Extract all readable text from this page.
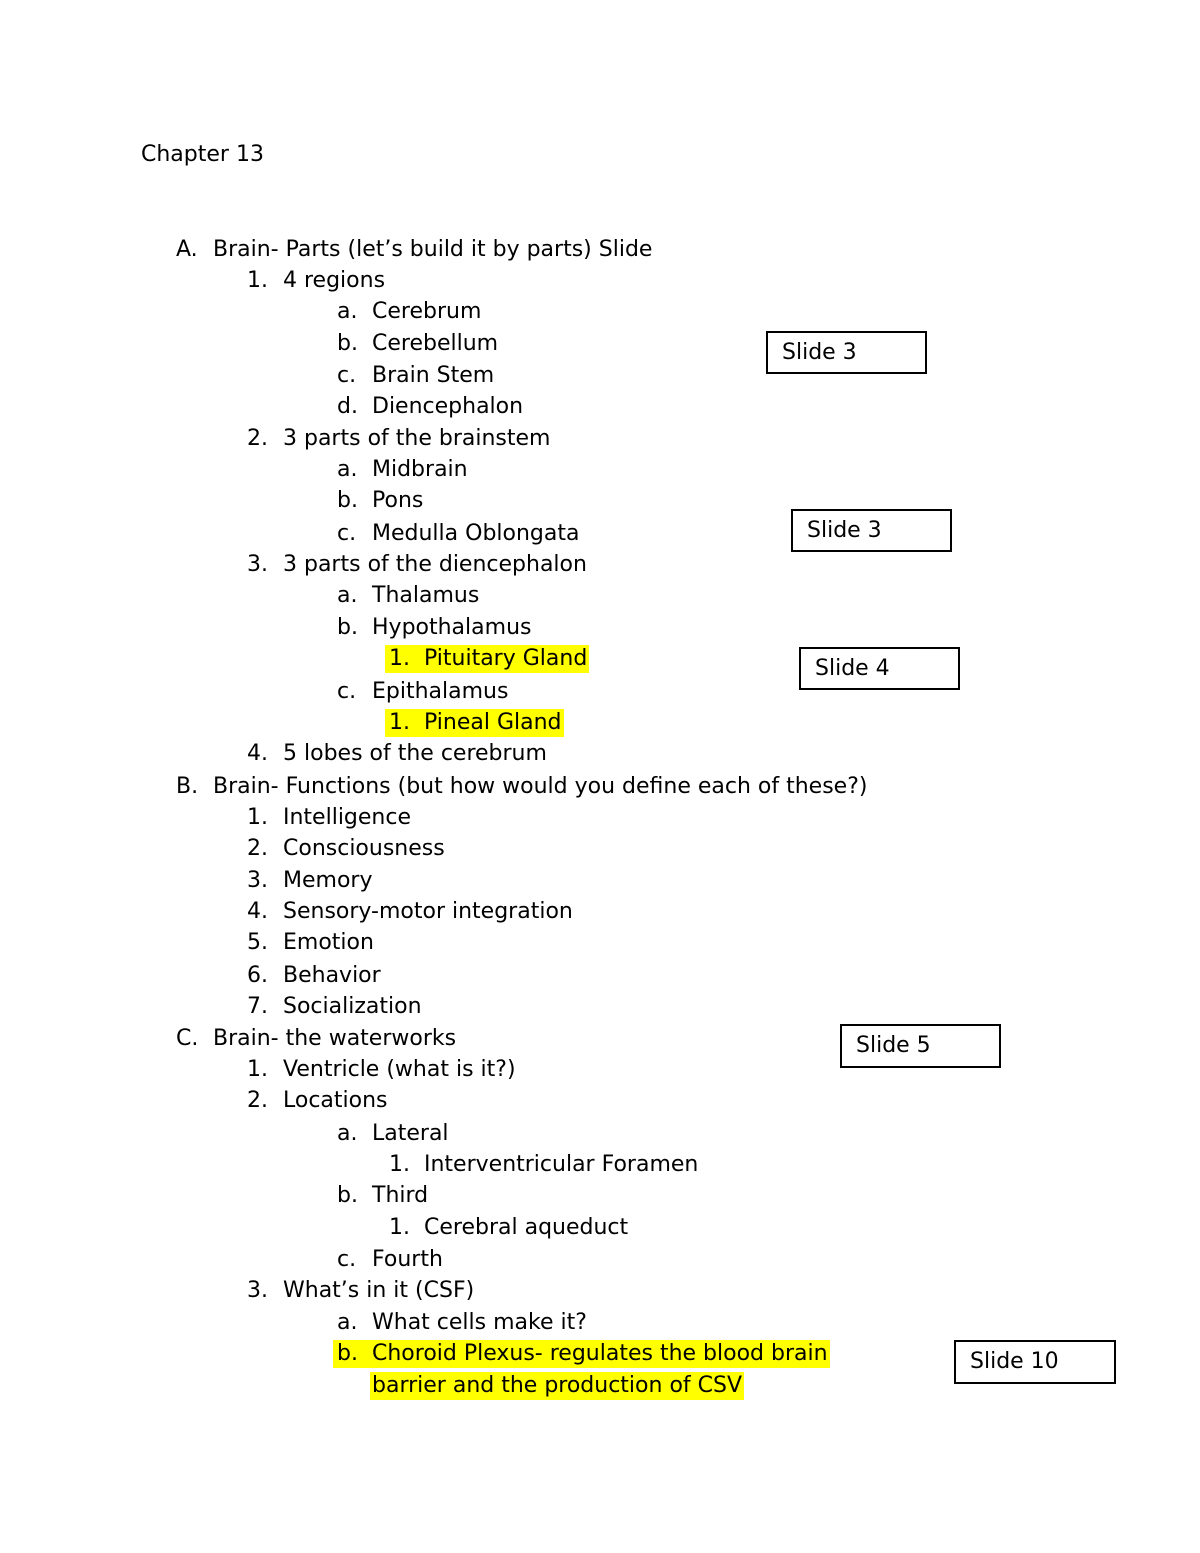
Chapter 13
A. Brain- Parts (let’s build it by parts) Slide
1. 4 regions
a. Cerebrum
b. Cerebellum
c. Brain Stem
d. Diencephalon
2. 3 parts of the brainstem
a. Midbrain
b. Pons
c. Medulla Oblongata
3. 3 parts of the diencephalon
a. Thalamus
b. Hypothalamus
1. Pituitary Gland
c. Epithalamus
1. Pineal Gland
4. 5 lobes of the cerebrum
B. Brain- Functions (but how would you define each of these?)
1. Intelligence
2. Consciousness
3. Memory
4. Sensory-motor integration
5. Emotion
6. Behavior
7. Socialization
C. Brain- the waterworks
1. Ventricle (what is it?)
2. Locations
a. Lateral
1. Interventricular Foramen
b. Third
1. Cerebral aqueduct
c. Fourth
3. What’s in it (CSF)
a. What cells make it?
b. Choroid Plexus- regulates the blood brain
barrier and the production of CSV
Slide 3
Slide 3
Slide 4
Slide 5
Slide 10
